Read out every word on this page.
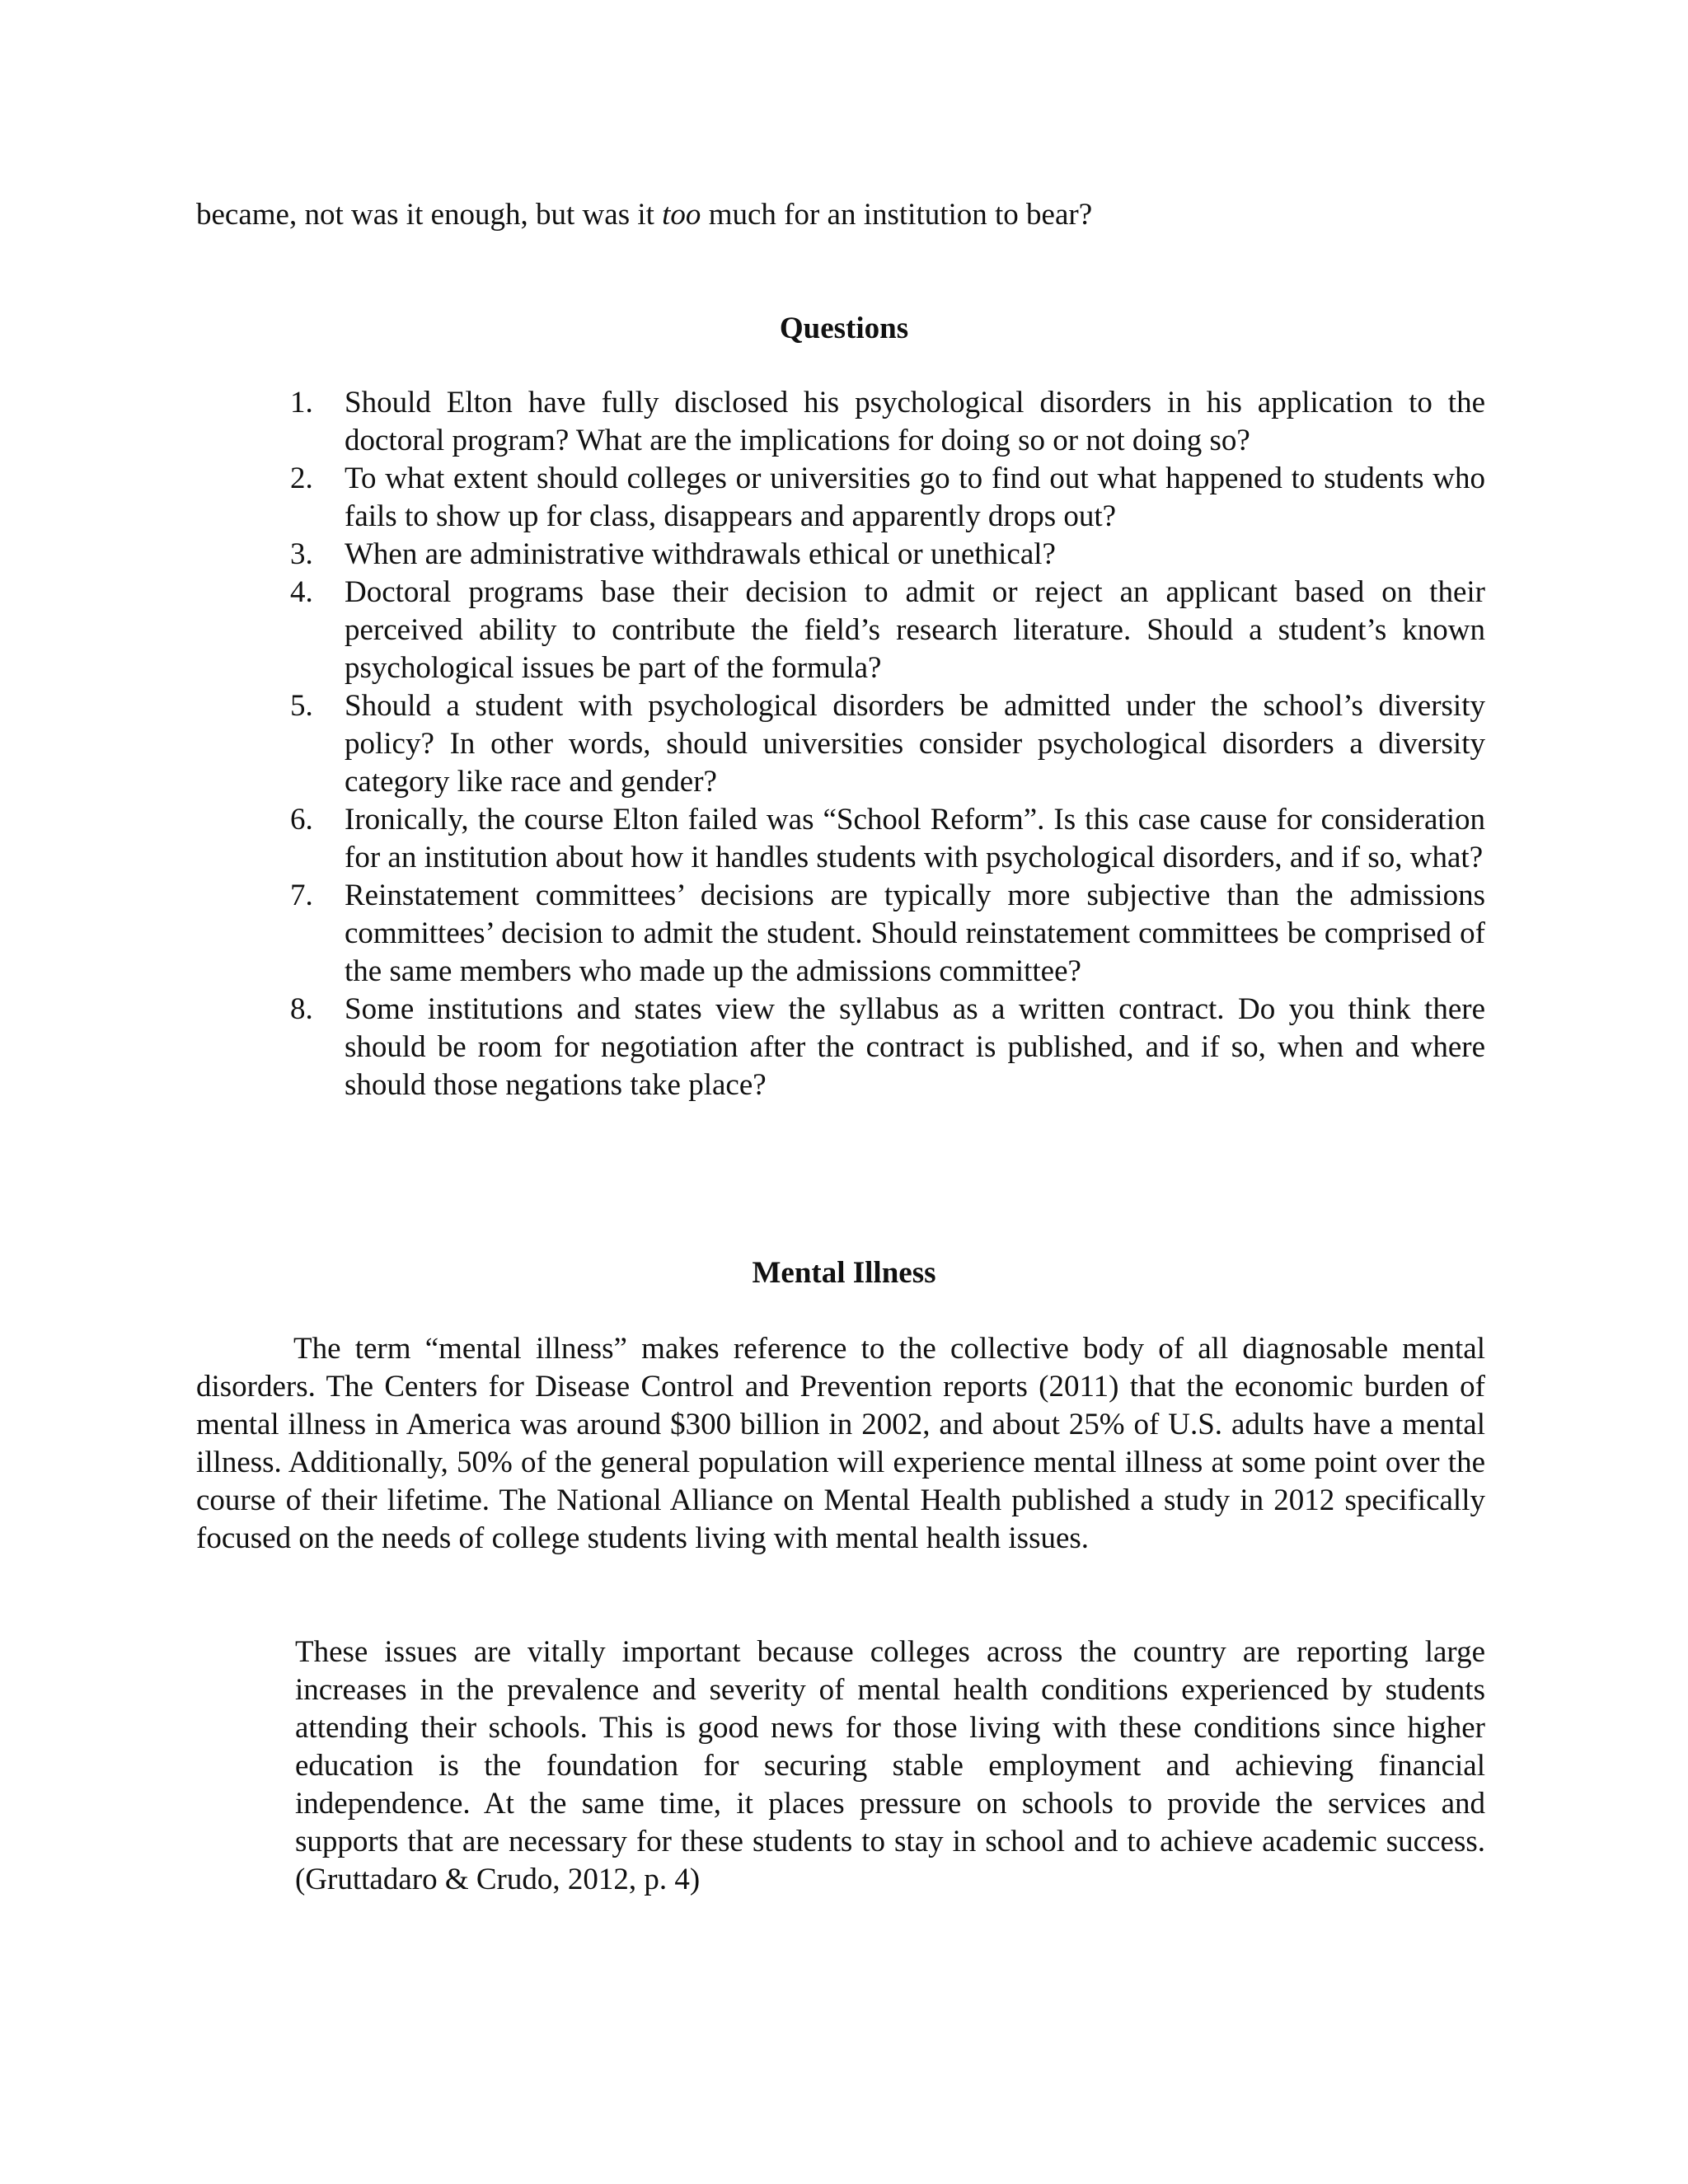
became, not was it enough, but was it too much for an institution to bear?
Questions
1.	Should Elton have fully disclosed his psychological disorders in his application to the doctoral program? What are the implications for doing so or not doing so?
2.	To what extent should colleges or universities go to find out what happened to students who fails to show up for class, disappears and apparently drops out?
3.	When are administrative withdrawals ethical or unethical?
4.	Doctoral programs base their decision to admit or reject an applicant based on their perceived ability to contribute the field’s research literature. Should a student’s known psychological issues be part of the formula?
5.	Should a student with psychological disorders be admitted under the school’s diversity policy? In other words, should universities consider psychological disorders a diversity category like race and gender?
6.	Ironically, the course Elton failed was “School Reform”. Is this case cause for consideration for an institution about how it handles students with psychological disorders, and if so, what?
7.	Reinstatement committees’ decisions are typically more subjective than the admissions committees’ decision to admit the student. Should reinstatement committees be comprised of the same members who made up the admissions committee?
8.	Some institutions and states view the syllabus as a written contract. Do you think there should be room for negotiation after the contract is published, and if so, when and where should those negations take place?
Mental Illness

The term “mental illness” makes reference to the collective body of all diagnosable mental disorders. The Centers for Disease Control and Prevention reports (2011) that the economic burden of mental illness in America was around $300 billion in 2002, and about 25% of U.S. adults have a mental illness. Additionally, 50% of the general population will experience mental illness at some point over the course of their lifetime. The National Alliance on Mental Health published a study in 2012 specifically focused on the needs of college students living with mental health issues.

These issues are vitally important because colleges across the country are reporting large increases in the prevalence and severity of mental health conditions experienced by students attending their schools. This is good news for those living with these conditions since higher education is the foundation for securing stable employment and achieving financial independence. At the same time, it places pressure on schools to provide the services and supports that are necessary for these students to stay in school and to achieve academic success. (Gruttadaro & Crudo, 2012, p. 4)
